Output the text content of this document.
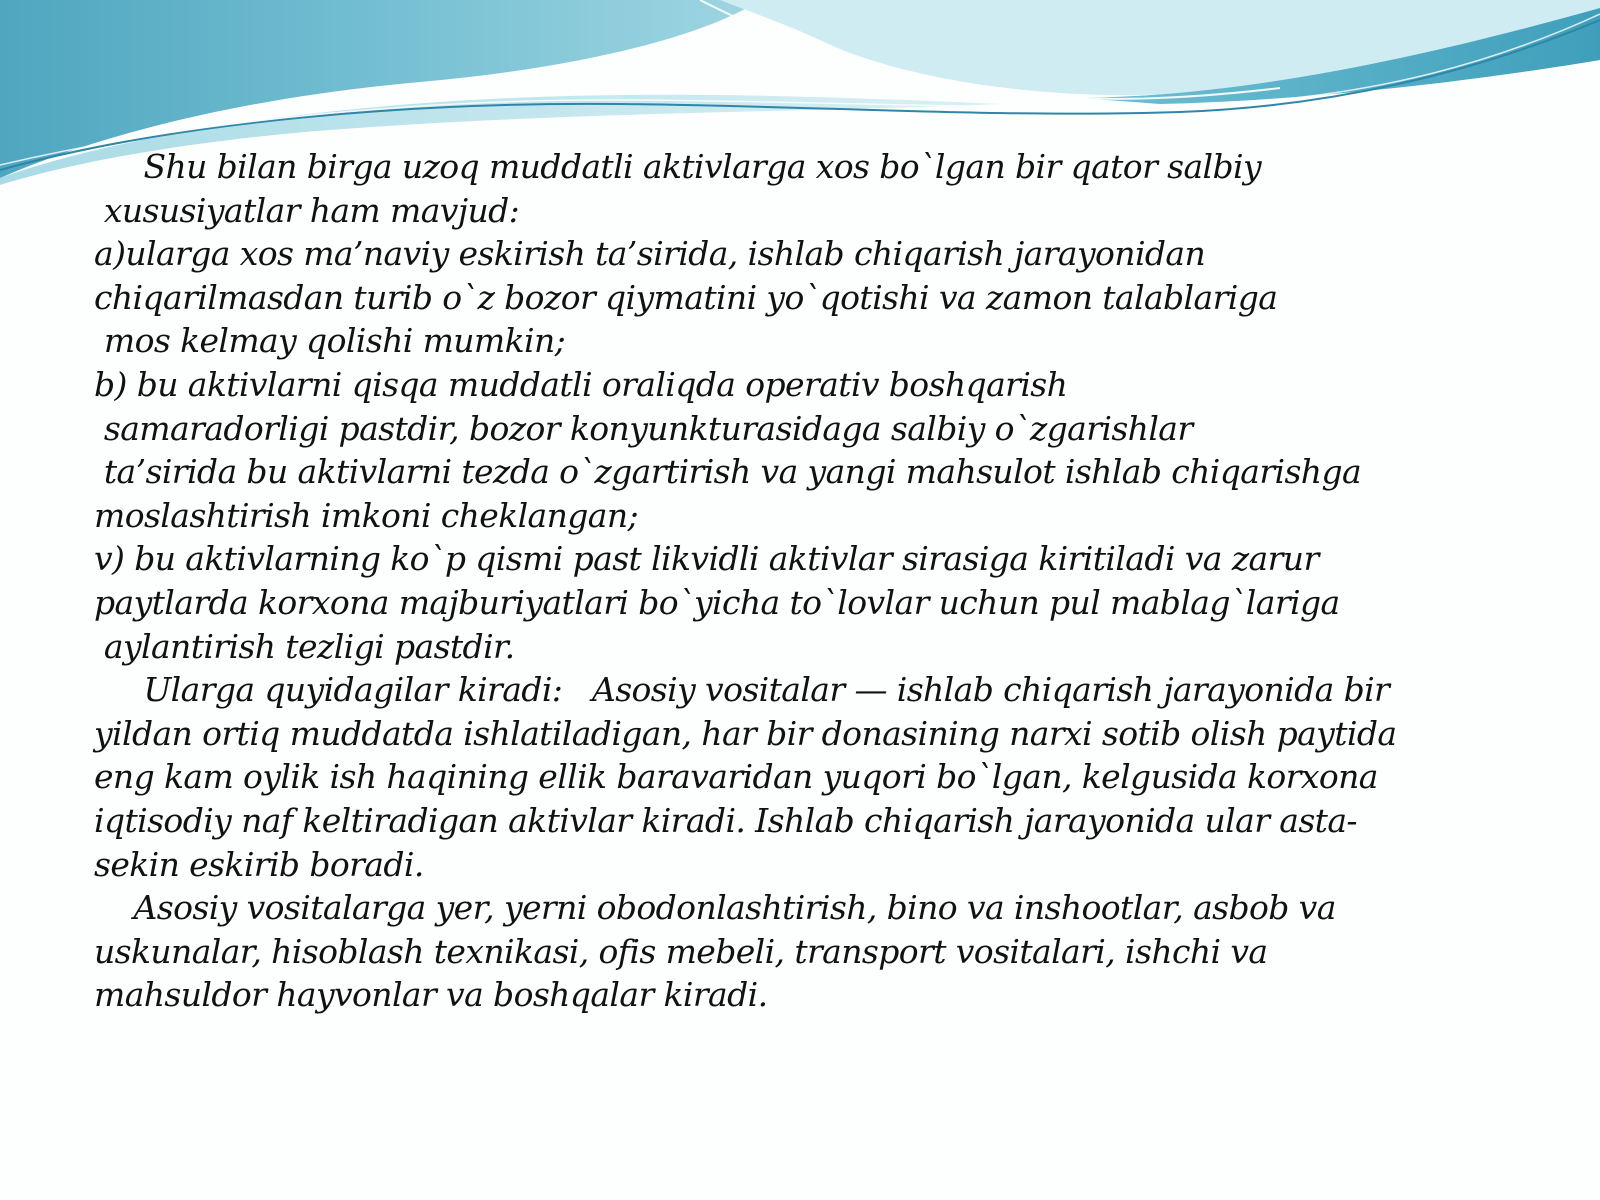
Shu bilan birga uzoq muddatli aktivlarga xos bo`lgan bir qator salbiy
xususiyatlar ham mavjud:
a)ularga xos ma’naviy eskirish ta’sirida, ishlab chiqarish jarayonidan
chiqarilmasdan turib o`z bozor qiymatini yo`qotishi va zamon talablariga
mos kelmay qolishi mumkin;
b) bu aktivlarni qisqa muddatli oraliqda operativ boshqarish
samaradorligi pastdir, bozor konyunkturasidaga salbiy o`zgarishlar
ta’sirida bu aktivlarni tezda o`zgartirish va yangi mahsulot ishlab chiqarishga
moslashtirish imkoni cheklangan;
v) bu aktivlarning ko`p qismi past likvidli aktivlar sirasiga kiritiladi va zarur
paytlarda korxona majburiyatlari bo`yicha to`lovlar uchun pul mablag`lariga
aylantirish tezligi pastdir.
Ularga quyidagilar kiradi:   Asosiy vositalar — ishlab chiqarish jarayonida bir
yildan ortiq muddatda ishlatiladigan, har bir donasining narxi sotib olish paytida
eng kam oylik ish haqining ellik baravaridan yuqori bo`lgan, kelgusida korxona
iqtisodiy naf keltiradigan aktivlar kiradi. Ishlab chiqarish jarayonida ular asta-
sekin eskirib boradi.
Asosiy vositalarga yer, yerni obodonlashtirish, bino va inshootlar, asbob va
uskunalar, hisoblash texnikasi, ofis mebeli, transport vositalari, ishchi va
mahsuldor hayvonlar va boshqalar kiradi.
